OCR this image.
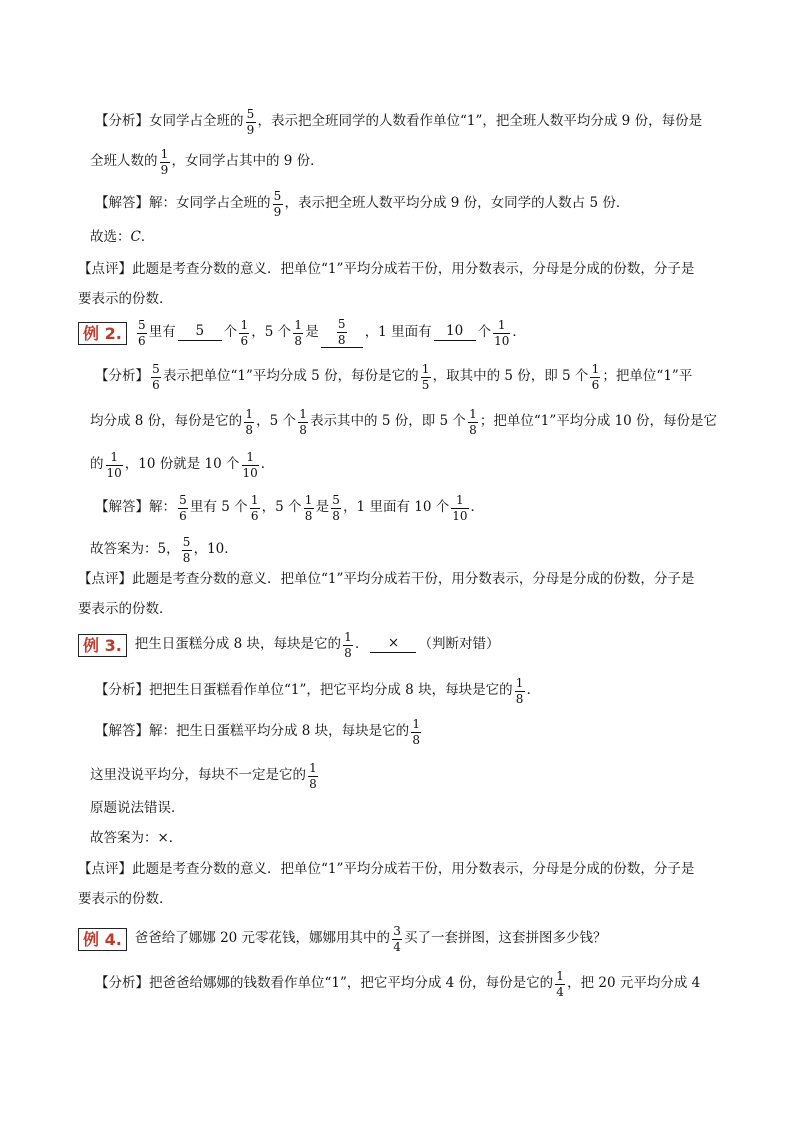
【分析】 女同学占全班的 $\frac{5}{9}$ ，表示把全班同学的人数看作单位“1”，把全班人数平均分成 9 份，每份是
全班人数的 $\frac{1}{9}$ ，女同学占其中的 9 份．
【解答】 解：女同学占全班的 $\frac{5}{9}$ ，表示把全班人数平均分成 9 份，女同学的人数占 5 份．
故选： C ．
【点评】 此题是考查分数的意义．把单位“1”平均分成若干份，用分数表示，分母是分成的份数，分子是
要表示的份数．
例 2.	$\frac{5}{6}$ 里有	5	个 $\frac{1}{6}$ ，5 个 $\frac{1}{8}$ 是 $\frac{5}{8}$ ，1 里面有	10	个 $\frac{1}{10}$ ．
【分析】 $\frac{5}{6}$ 表示把单位“1”平均分成 5 份，每份是它的 $\frac{1}{5}$ ，取其中的 5 份，即 5 个 $\frac{1}{6}$ ；把单位“1”平
均分成 8 份，每份是它的 $\frac{1}{8}$ ，5 个 $\frac{1}{8}$ 表示其中的 5 份，即 5 个 $\frac{1}{8}$ ；把单位“1”平均分成 10 份，每份是它
的 $\frac{1}{10}$ ，10 份就是 10 个 $\frac{1}{10}$ ．
【解答】 解： $\frac{5}{6}$ 里有 5 个 $\frac{1}{6}$ ，5 个 $\frac{1}{8}$ 是 $\frac{5}{8}$ ，1 里面有 10 个 $\frac{1}{10}$ ．
故答案为：5， $\frac{5}{8}$ ，10．
【点评】 此题是考查分数的意义．把单位“1”平均分成若干份，用分数表示，分母是分成的份数，分子是
要表示的份数．
例 3. 把生日蛋糕分成 8 块，每块是它的 $\frac{1}{8}$ ．	×	（判断对错）
【分析】 把把生日蛋糕看作单位“1”，把它平均分成 8 块，每块是它的 $\frac{1}{8}$ ．
【解答】 解：把生日蛋糕平均分成 8 块，每块是它的 $\frac{1}{8}$
这里没说平均分，每块不一定是它的 $\frac{1}{8}$
原题说法错误．
故答案为：×．
【点评】 此题是考查分数的意义．把单位“1”平均分成若干份，用分数表示，分母是分成的份数，分子是
要表示的份数．
例 4. 爸爸给了娜娜 20 元零花钱，娜娜用其中的 $\frac{3}{4}$ 买了一套拼图，这套拼图多少钱？
【分析】 把爸爸给娜娜的钱数看作单位“1”，把它平均分成 4 份，每份是它的 $\frac{1}{4}$ ，把 20 元平均分成 4
